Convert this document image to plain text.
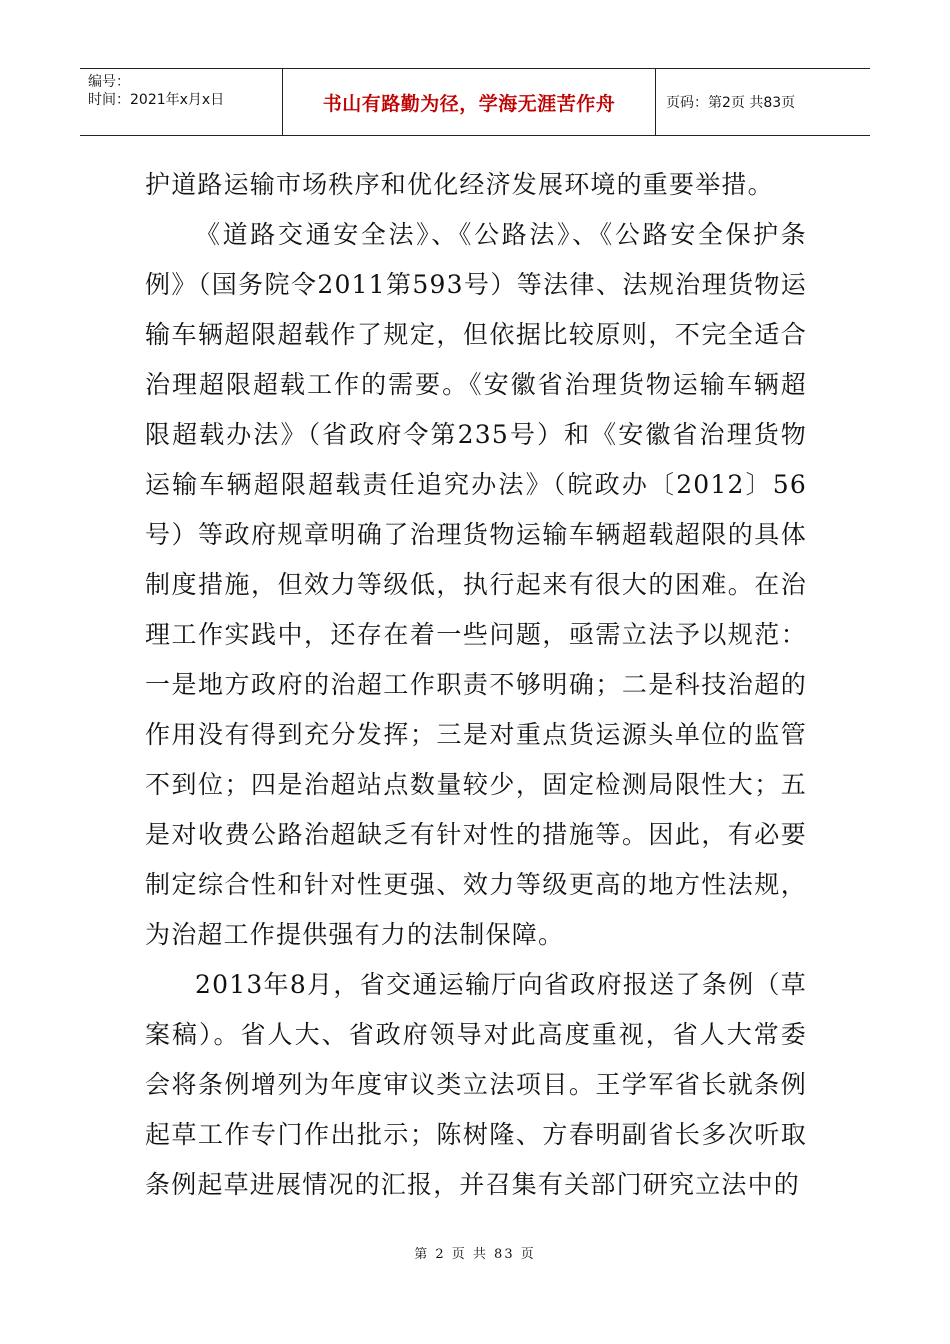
编号：
时间：2021年x月x日	书山有路勤为径，学海无涯苦作舟	页码：第2页 共83页

护道路运输市场秩序和优化经济发展环境的重要举措。

《道路交通安全法》、《公路法》、《公路安全保护条例》（国务院令2011第593号）等法律、法规治理货物运输车辆超限超载作了规定，但依据比较原则，不完全适合治理超限超载工作的需要。《安徽省治理货物运输车辆超限超载办法》（省政府令第235号）和《安徽省治理货物运输车辆超限超载责任追究办法》（皖政办〔2012〕56号）等政府规章明确了治理货物运输车辆超载超限的具体制度措施，但效力等级低，执行起来有很大的困难。在治理工作实践中，还存在着一些问题，亟需立法予以规范：一是地方政府的治超工作职责不够明确；二是科技治超的作用没有得到充分发挥；三是对重点货运源头单位的监管不到位；四是治超站点数量较少，固定检测局限性大；五是对收费公路治超缺乏有针对性的措施等。因此，有必要制定综合性和针对性更强、效力等级更高的地方性法规，为治超工作提供强有力的法制保障。

2013年8月，省交通运输厅向省政府报送了条例（草案稿）。省人大、省政府领导对此高度重视，省人大常委会将条例增列为年度审议类立法项目。王学军省长就条例起草工作专门作出批示；陈树隆、方春明副省长多次听取条例起草进展情况的汇报，并召集有关部门研究立法中的

第 2 页 共 83 页
